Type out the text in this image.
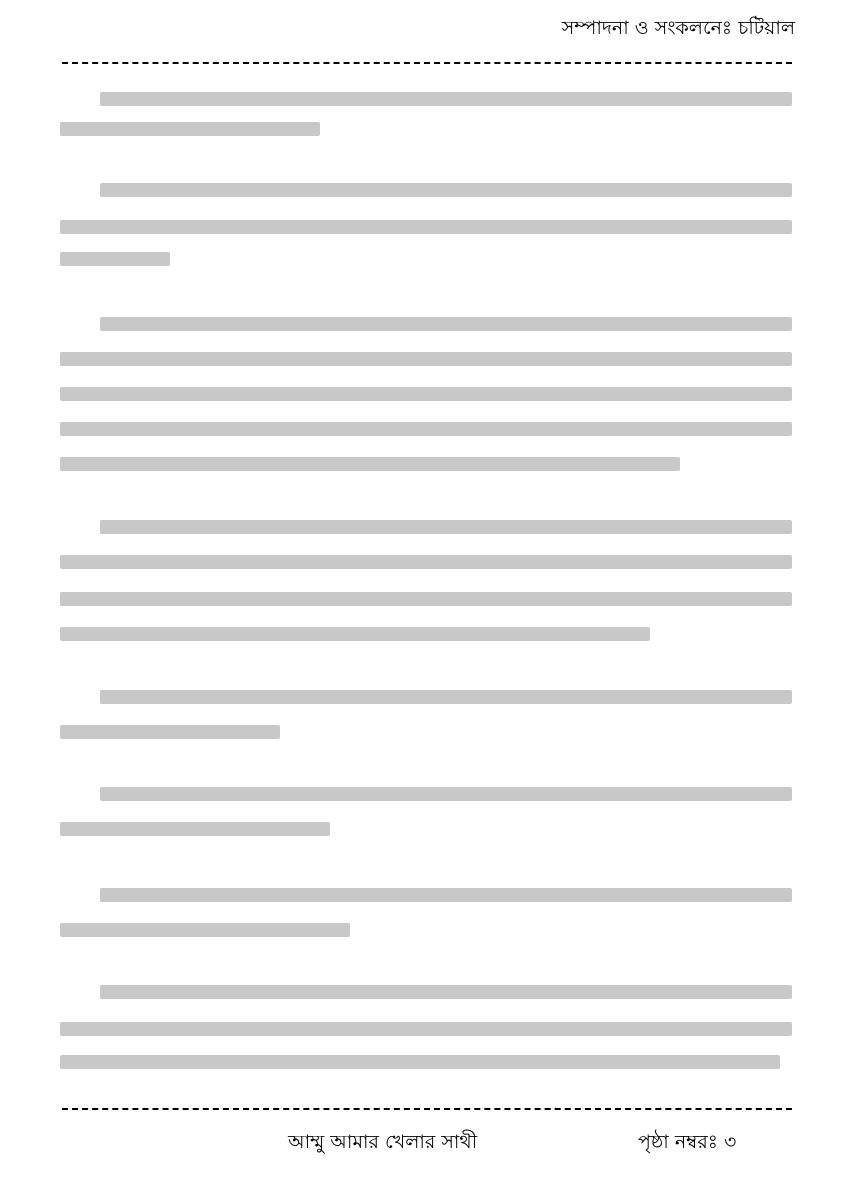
সম্পাদনা ও সংকলনেঃ চটিয়াল
আম্মু আমার খেলার সাথী	পৃষ্ঠা নম্বরঃ ৩
